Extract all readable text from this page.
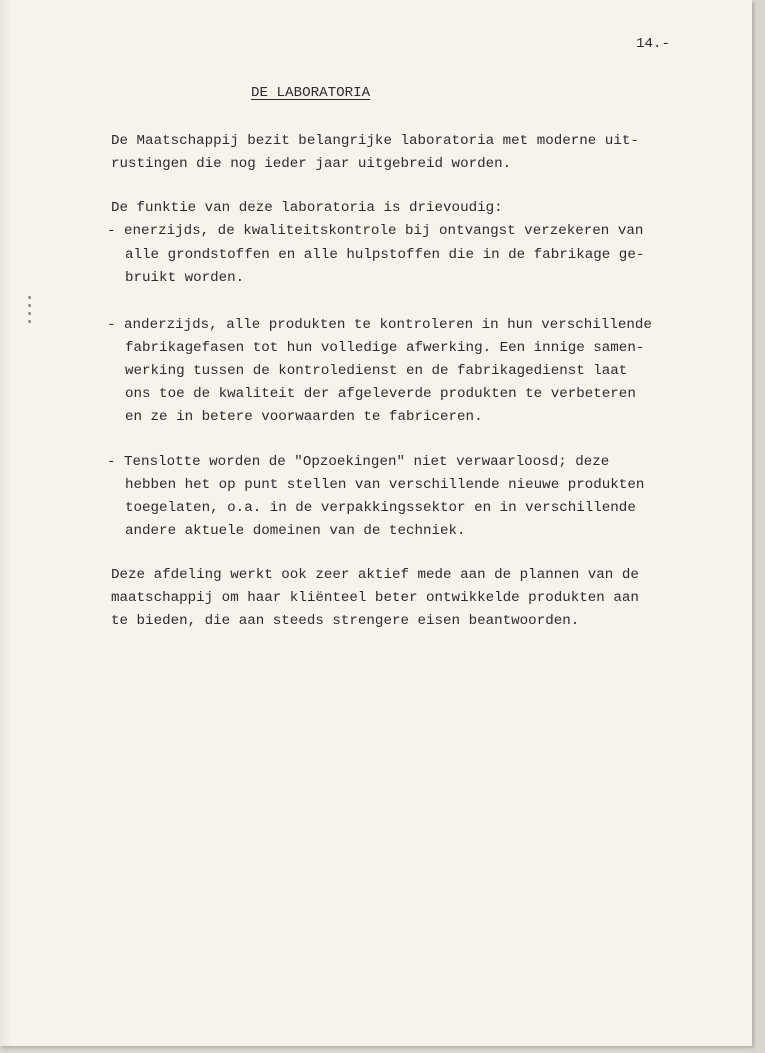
14.-
DE LABORATORIA
De Maatschappij bezit belangrijke laboratoria met moderne uit-
rustingen die nog ieder jaar uitgebreid worden.
De funktie van deze laboratoria is drievoudig:
- enerzijds, de kwaliteitskontrole bij ontvangst verzekeren van
alle grondstoffen en alle hulpstoffen die in de fabrikage ge-
bruikt worden.
- anderzijds, alle produkten te kontroleren in hun verschillende
fabrikagefasen tot hun volledige afwerking. Een innige samen-
werking tussen de kontroledienst en de fabrikagedienst laat
ons toe de kwaliteit der afgeleverde produkten te verbeteren
en ze in betere voorwaarden te fabriceren.
- Tenslotte worden de "Opzoekingen" niet verwaarloosd; deze
hebben het op punt stellen van verschillende nieuwe produkten
toegelaten, o.a. in de verpakkingssektor en in verschillende
andere aktuele domeinen van de techniek.
Deze afdeling werkt ook zeer aktief mede aan de plannen van de
maatschappij om haar kliënteel beter ontwikkelde produkten aan
te bieden, die aan steeds strengere eisen beantwoorden.
